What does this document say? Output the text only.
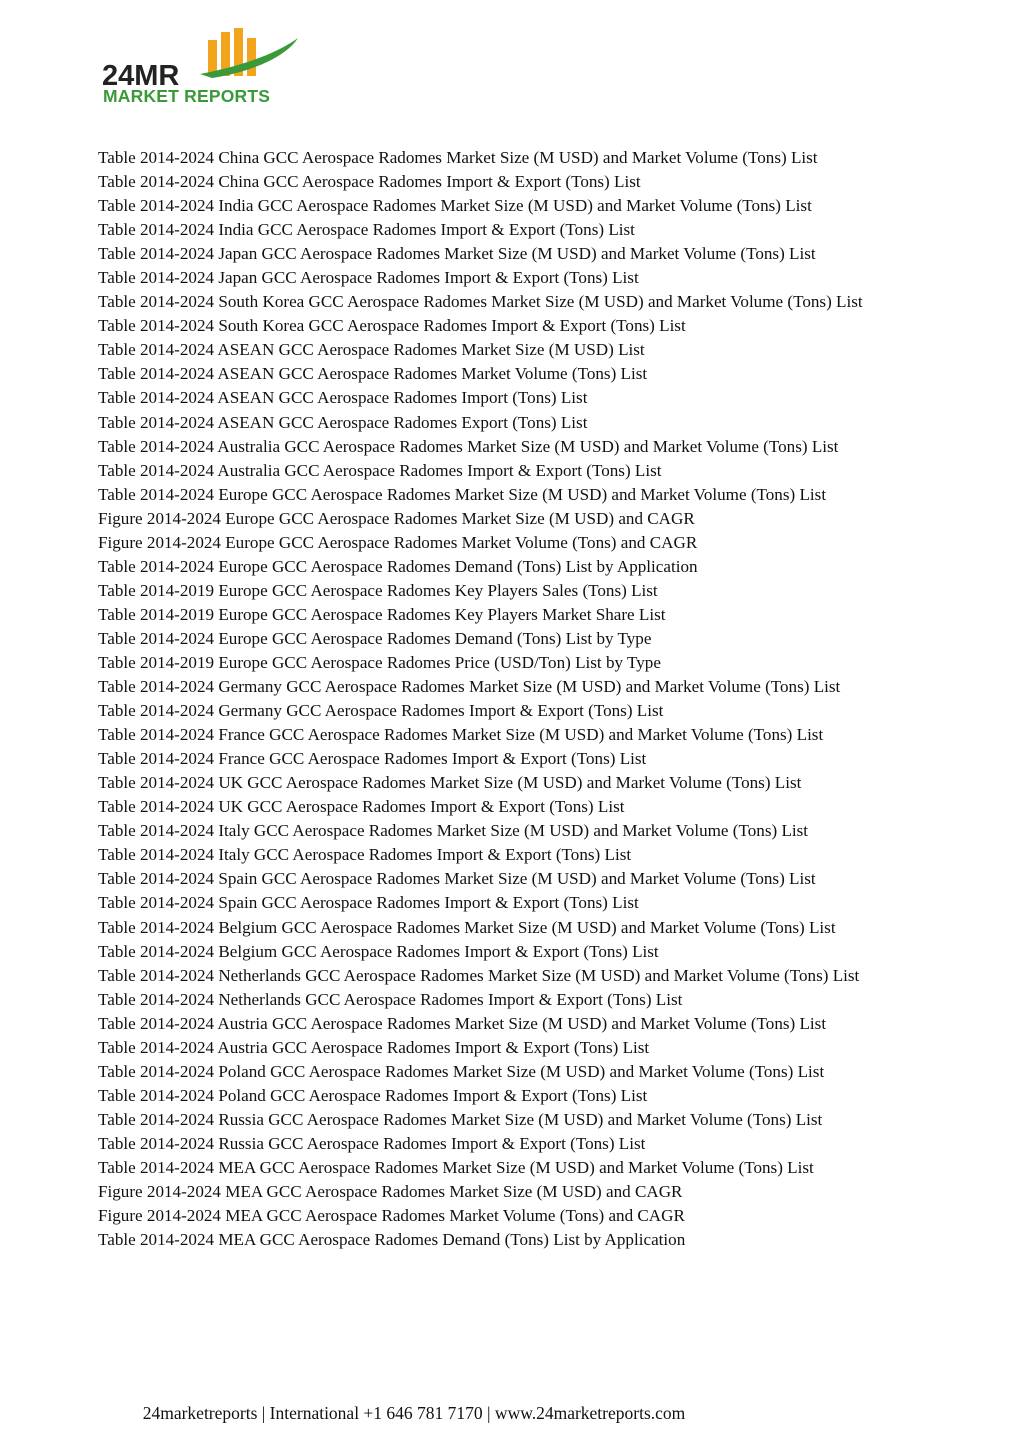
24MR
MARKET REPORTS
Table 2014-2024 China GCC Aerospace Radomes Market Size (M USD) and Market Volume (Tons) List
Table 2014-2024 China GCC Aerospace Radomes Import & Export (Tons) List
Table 2014-2024 India GCC Aerospace Radomes Market Size (M USD) and Market Volume (Tons) List
Table 2014-2024 India GCC Aerospace Radomes Import & Export (Tons) List
Table 2014-2024 Japan GCC Aerospace Radomes Market Size (M USD) and Market Volume (Tons) List
Table 2014-2024 Japan GCC Aerospace Radomes Import & Export (Tons) List
Table 2014-2024 South Korea GCC Aerospace Radomes Market Size (M USD) and Market Volume (Tons) List
Table 2014-2024 South Korea GCC Aerospace Radomes Import & Export (Tons) List
Table 2014-2024 ASEAN GCC Aerospace Radomes Market Size (M USD) List
Table 2014-2024 ASEAN GCC Aerospace Radomes Market Volume (Tons) List
Table 2014-2024 ASEAN GCC Aerospace Radomes Import (Tons) List
Table 2014-2024 ASEAN GCC Aerospace Radomes Export (Tons) List
Table 2014-2024 Australia GCC Aerospace Radomes Market Size (M USD) and Market Volume (Tons) List
Table 2014-2024 Australia GCC Aerospace Radomes Import & Export (Tons) List
Table 2014-2024 Europe GCC Aerospace Radomes Market Size (M USD) and Market Volume (Tons) List
Figure 2014-2024 Europe GCC Aerospace Radomes Market Size (M USD) and CAGR
Figure 2014-2024 Europe GCC Aerospace Radomes Market Volume (Tons) and CAGR
Table 2014-2024 Europe GCC Aerospace Radomes Demand (Tons) List by Application
Table 2014-2019 Europe GCC Aerospace Radomes Key Players Sales (Tons) List
Table 2014-2019 Europe GCC Aerospace Radomes Key Players Market Share List
Table 2014-2024 Europe GCC Aerospace Radomes Demand (Tons) List by Type
Table 2014-2019 Europe GCC Aerospace Radomes Price (USD/Ton) List by Type
Table 2014-2024 Germany GCC Aerospace Radomes Market Size (M USD) and Market Volume (Tons) List
Table 2014-2024 Germany GCC Aerospace Radomes Import & Export (Tons) List
Table 2014-2024 France GCC Aerospace Radomes Market Size (M USD) and Market Volume (Tons) List
Table 2014-2024 France GCC Aerospace Radomes Import & Export (Tons) List
Table 2014-2024 UK GCC Aerospace Radomes Market Size (M USD) and Market Volume (Tons) List
Table 2014-2024 UK GCC Aerospace Radomes Import & Export (Tons) List
Table 2014-2024 Italy GCC Aerospace Radomes Market Size (M USD) and Market Volume (Tons) List
Table 2014-2024 Italy GCC Aerospace Radomes Import & Export (Tons) List
Table 2014-2024 Spain GCC Aerospace Radomes Market Size (M USD) and Market Volume (Tons) List
Table 2014-2024 Spain GCC Aerospace Radomes Import & Export (Tons) List
Table 2014-2024 Belgium GCC Aerospace Radomes Market Size (M USD) and Market Volume (Tons) List
Table 2014-2024 Belgium GCC Aerospace Radomes Import & Export (Tons) List
Table 2014-2024 Netherlands GCC Aerospace Radomes Market Size (M USD) and Market Volume (Tons) List
Table 2014-2024 Netherlands GCC Aerospace Radomes Import & Export (Tons) List
Table 2014-2024 Austria GCC Aerospace Radomes Market Size (M USD) and Market Volume (Tons) List
Table 2014-2024 Austria GCC Aerospace Radomes Import & Export (Tons) List
Table 2014-2024 Poland GCC Aerospace Radomes Market Size (M USD) and Market Volume (Tons) List
Table 2014-2024 Poland GCC Aerospace Radomes Import & Export (Tons) List
Table 2014-2024 Russia GCC Aerospace Radomes Market Size (M USD) and Market Volume (Tons) List
Table 2014-2024 Russia GCC Aerospace Radomes Import & Export (Tons) List
Table 2014-2024 MEA GCC Aerospace Radomes Market Size (M USD) and Market Volume (Tons) List
Figure 2014-2024 MEA GCC Aerospace Radomes Market Size (M USD) and CAGR
Figure 2014-2024 MEA GCC Aerospace Radomes Market Volume (Tons) and CAGR
Table 2014-2024 MEA GCC Aerospace Radomes Demand (Tons) List by Application
24marketreports | International +1 646 781 7170 | www.24marketreports.com
